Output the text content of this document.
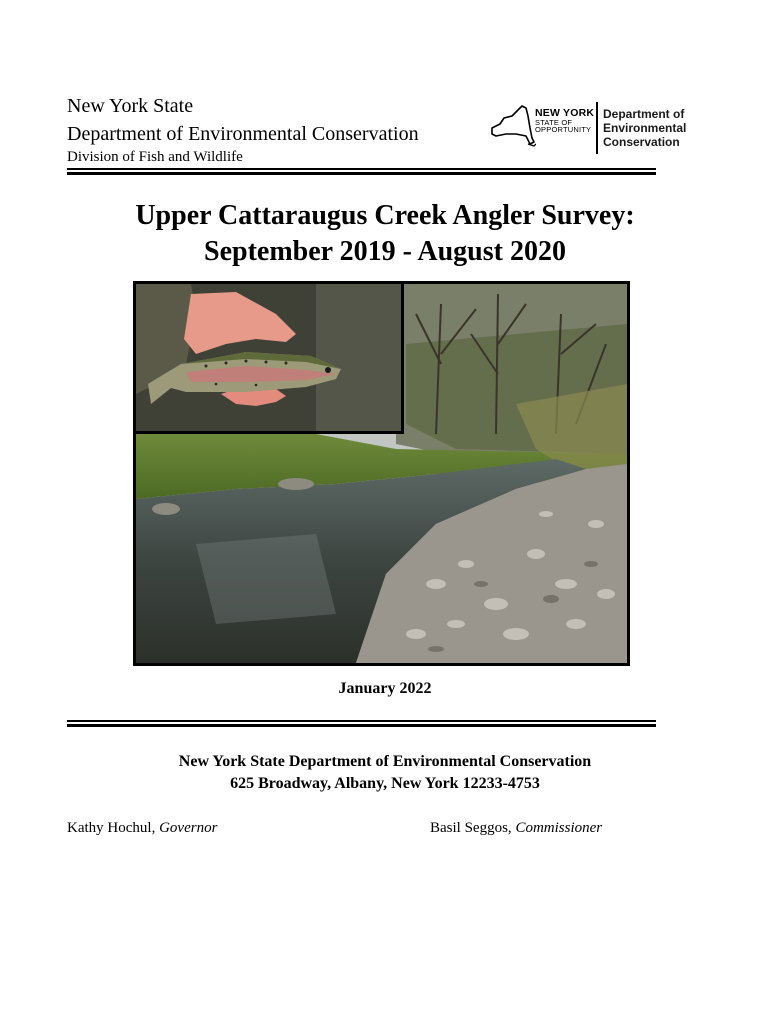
New York State
Department of Environmental Conservation
Division of Fish and Wildlife
NEW YORK
STATE OF
OPPORTUNITY
Department of
Environmental
Conservation
Upper Cattaraugus Creek Angler Survey:
September 2019 - August 2020
January 2022
New York State Department of Environmental Conservation
625 Broadway, Albany, New York 12233-4753
Kathy Hochul, Governor	Basil Seggos, Commissioner
